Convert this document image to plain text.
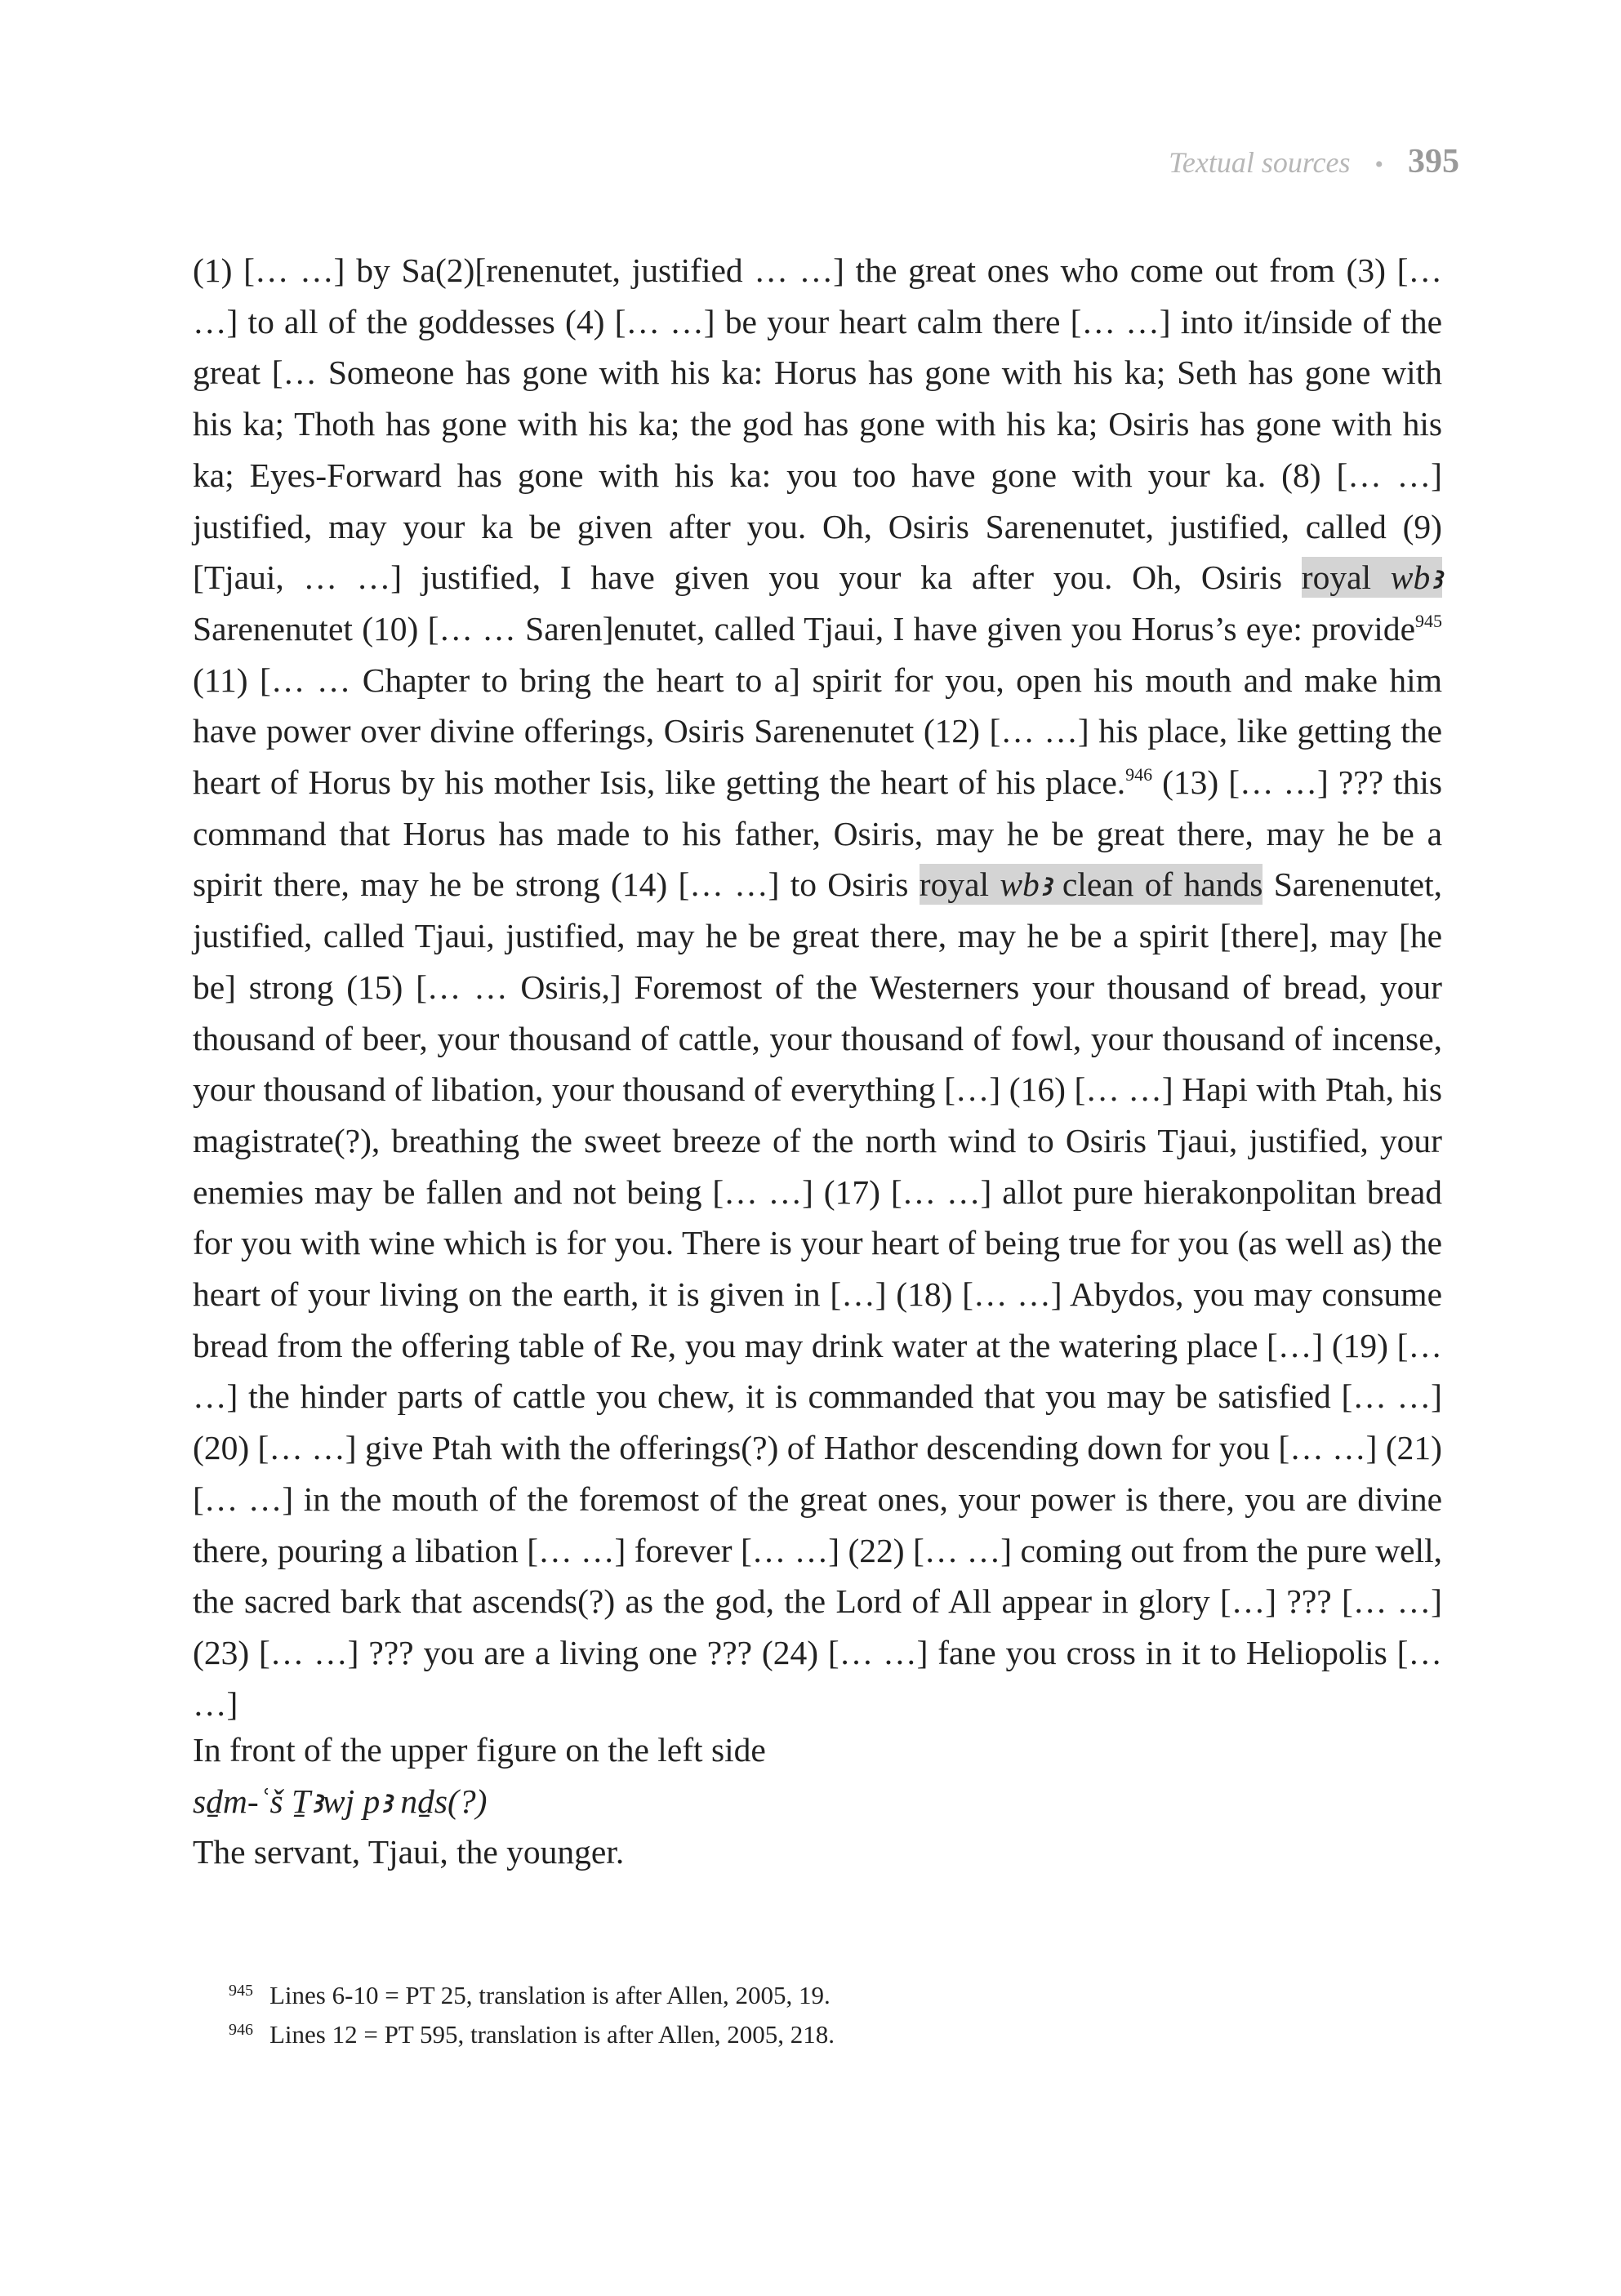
Textual sources • 395

(1) [… …] by Sa(2)[renenutet, justified … …] the great ones who come out from (3) [… …] to all of the goddesses (4) [… …] be your heart calm there [… …] into it/inside of the great [… Someone has gone with his ka: Horus has gone with his ka; Seth has gone with his ka; Thoth has gone with his ka; the god has gone with his ka; Osiris has gone with his ka; Eyes-Forward has gone with his ka: you too have gone with your ka. (8) [… …] justified, may your ka be given after you. Oh, Osiris Sarenenutet, justified, called (9) [Tjaui, … …] justified, I have given you your ka after you. Oh, Osiris royal wbꜣ Sarenenutet (10) [… … Saren]enutet, called Tjaui, I have given you Horus’s eye: provide$^{945}$ (11) [… … Chapter to bring the heart to a] spirit for you, open his mouth and make him have power over divine offerings, Osiris Sarenenutet (12) [… …] his place, like getting the heart of Horus by his mother Isis, like getting the heart of his place.$^{946}$ (13) [… …] ??? this command that Horus has made to his father, Osiris, may he be great there, may he be a spirit there, may he be strong (14) [… …] to Osiris royal wbꜣ clean of hands Sarenenutet, justified, called Tjaui, justified, may he be great there, may he be a spirit [there], may [he be] strong (15) [… … Osiris,] Foremost of the Westerners your thousand of bread, your thousand of beer, your thousand of cattle, your thousand of fowl, your thousand of incense, your thousand of libation, your thousand of everything […] (16) [… …] Hapi with Ptah, his magistrate(?), breathing the sweet breeze of the north wind to Osiris Tjaui, justified, your enemies may be fallen and not being [… …] (17) [… …] allot pure hierakonpolitan bread for you with wine which is for you. There is your heart of being true for you (as well as) the heart of your living on the earth, it is given in […] (18) [… …] Abydos, you may consume bread from the offering table of Re, you may drink water at the watering place […] (19) [… …] the hinder parts of cattle you chew, it is commanded that you may be satisfied [… …] (20) [… …] give Ptah with the offerings(?) of Hathor descending down for you [… …] (21) [… …] in the mouth of the foremost of the great ones, your power is there, you are divine there, pouring a libation [… …] forever [… …] (22) [… …] coming out from the pure well, the sacred bark that ascends(?) as the god, the Lord of All appear in glory […] ??? [… …] (23) [… …] ??? you are a living one ??? (24) [… …] fane you cross in it to Heliopolis [… …]

In front of the upper figure on the left side
sḏm-ʿš Ṯꜣwj pꜣ nḏs(?)
The servant, Tjaui, the younger.
945 Lines 6-10 = PT 25, translation is after Allen, 2005, 19.
946 Lines 12 = PT 595, translation is after Allen, 2005, 218.
